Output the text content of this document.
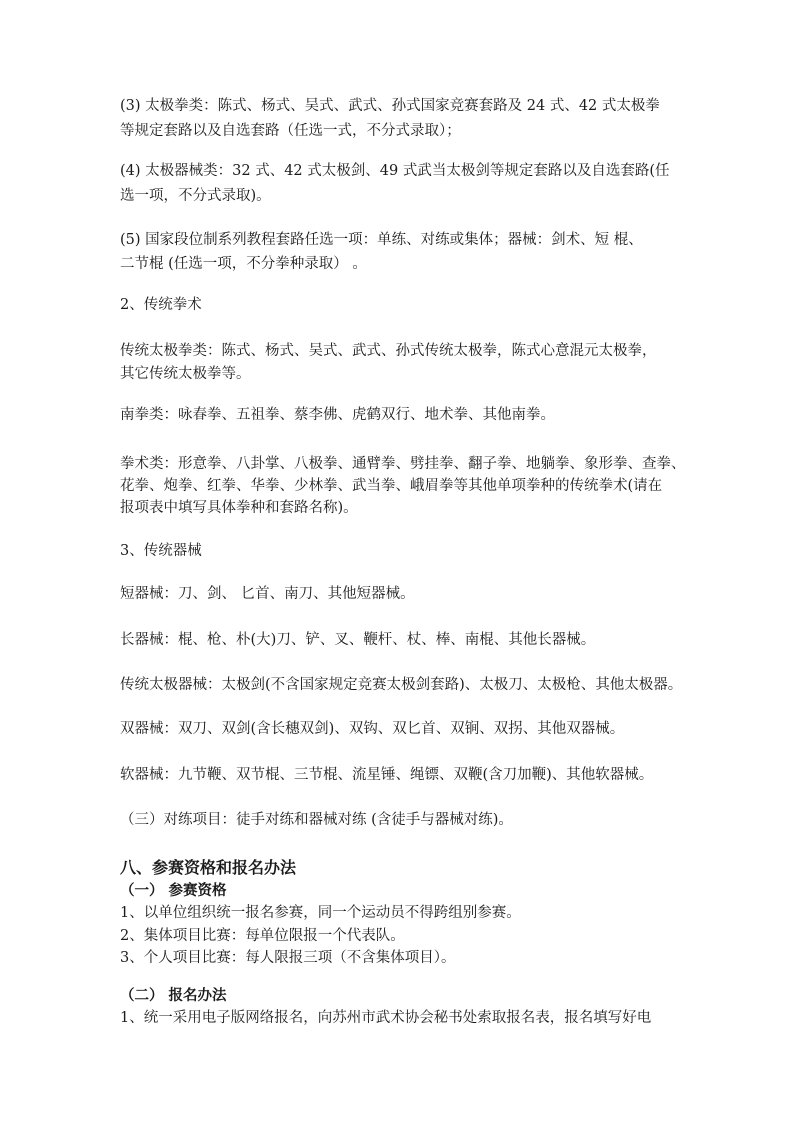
(3) 太极拳类：陈式、杨式、吴式、武式、孙式国家竞赛套路及 24 式、42 式太极拳
等规定套路以及自选套路（任选一式，不分式录取）；
(4) 太极器械类：32 式、42 式太极剑、49 式武当太极剑等规定套路以及自选套路(任
选一项，不分式录取)。
(5) 国家段位制系列教程套路任选一项：单练、对练或集体；器械：剑术、短 棍、
二节棍 (任选一项，不分拳种录取） 。
2、传统拳术
传统太极拳类：陈式、杨式、吴式、武式、孙式传统太极拳，陈式心意混元太极拳，
其它传统太极拳等。
南拳类：咏春拳、五祖拳、蔡李佛、虎鹤双行、地术拳、其他南拳。
拳术类：形意拳、八卦掌、八极拳、通臂拳、劈挂拳、翻子拳、地躺拳、象形拳、查拳、
花拳、炮拳、红拳、华拳、少林拳、武当拳、峨眉拳等其他单项拳种的传统拳术(请在
报项表中填写具体拳种和套路名称)。
3、传统器械
短器械：刀、剑、 匕首、南刀、其他短器械。
长器械：棍、枪、朴(大)刀、铲、叉、鞭杆、杖、棒、南棍、其他长器械。
传统太极器械：太极剑(不含国家规定竞赛太极剑套路)、太极刀、太极枪、其他太极器。
双器械：双刀、双剑(含长穗双剑)、双钩、双匕首、双锏、双拐、其他双器械。
软器械：九节鞭、双节棍、三节棍、流星锤、绳镖、双鞭(含刀加鞭)、其他软器械。
（三）对练项目：徒手对练和器械对练 (含徒手与器械对练)。
八、参赛资格和报名办法
（一） 参赛资格
1、以单位组织统一报名参赛，同一个运动员不得跨组别参赛。
2、集体项目比赛：每单位限报一个代表队。
3、个人项目比赛：每人限报三项（不含集体项目）。
（二） 报名办法
1、统一采用电子版网络报名，向苏州市武术协会秘书处索取报名表，报名填写好电
